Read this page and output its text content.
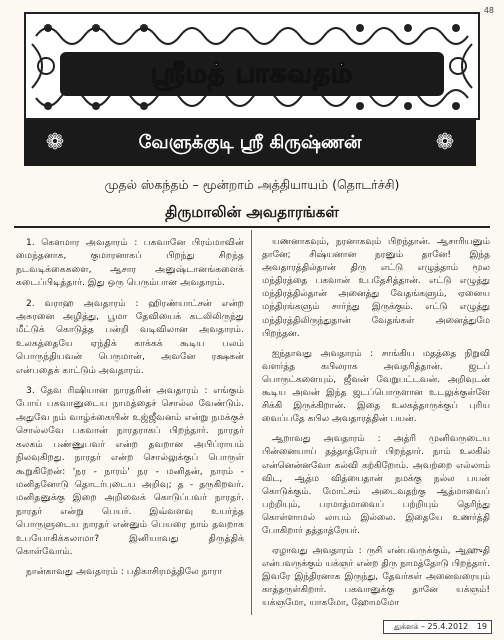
48
ஸ்ரீமத் பாகவதம்
❁	வேளுக்குடி ஸ்ரீ கிருஷ்ணன்	❁
முதல் ஸ்கந்தம் – மூன்றாம் அத்தியாயம் (தொடர்ச்சி)
திருமாலின் அவதாரங்கள்

1. கௌமார அவதாரம் : பகவானே பிரம்மாவின் மைந்தனாக, குமாரனாகப் பிறந்து சிறந்த நடவடிக்கைகளை, ஆசார அனுஷ்டானங்களைக் கடைப்பிடித்தார். இது ஒரு பெரும்பான அவதாரம்.

2. வராஹ அவதாரம் : ஹிரண்யாட்சன் என்ற அசுரனை அழித்து, பூமா தேவியைக் கடலிலிருந்து மீட்டுக் கொடுத்த பன்றி வடிவிலான அவதாரம். உலகத்தையே ஏந்திக் காக்கக் கூடிய பலம் பொருந்தியவன் பெருமான், அவனே ரக்ஷகன் என்பதைக் காட்டும் அவதாரம்.

3. தேவ ரிஷியான நாரதரின் அவதாரம் : எங்கும் போய் பகவானுடைய நாமத்தைச் சொல்ல வேண்டும். அதுவே நம் வாழ்க்கையின் உஜ்ஜீவனம் என்று நமக்குச் சொல்லவே பகவான் நாரதராகப் பிறந்தார். நாரதர் கலகம் பண்ணுபவர் என்ற தவறான அபிப்ராயம் நிலவுகிறது. நாரதர் என்ற சொல்லுக்குப் பொருள் கூறுகிறேன்: 'நர - நாரம்' நர - மனிதன், நாரம் - மனிதனோடு தொடர்புடைய அறிவு; த - தருகிறவர். மனிதனுக்கு இறை அறிவைக் கொடுப்பவர் நாரதர். நாரதர் என்று பெயர். இவ்வளவு உயர்ந்த பொருளுடைய நாரதர் என்னும் பெயரை நாம் தவறாக உபயோகிக்கலாமா? இனியாவது திருத்திக் கொள்வோம்.

நான்காவது அவதாரம் : பதிகாசிரமத்திலே நாரா

யணனாகவும், நரனாகவும் பிறந்தான். ஆசாரியனும் தானே; சிஷ்யனான நரனும் தானே! இந்த அவதாரத்தில்தான் திரு எட்டு எழுத்தாம் மூல மந்திரத்தை பகவான் உபதேசித்தான். எட்டு எழுத்து மந்திரத்தில்தான் அனைத்து வேதங்களும், ஏனைய மந்திரங்களும் சார்ந்து இருக்கும். எட்டு எழுத்து மந்திரத்திலிருந்துதான் வேதங்கள் அனைத்துமே பிறந்தன.

ஐந்தாவது அவதாரம் : சாங்கிய மதத்தை நிறுவி வளர்த்த கபிலராக அவதரித்தான். ஜடப் பொருட்களையும், ஜீவன் வேறுபட்டவன். அறிவுடன் கூடிய அவன் இந்த ஜடப்பொருளான உடலுக்குள்ளே சிக்கி இருக்கிறான். இதை உலகத்தாருக்குப் புரிய வைப்பதே கபில அவதாரத்தின் பயன்.

ஆறாவது அவதாரம் : அத்ரி முனிவருடைய பின்னையாய் தத்தாத்ரேயர் பிறந்தார். நாம் உலகில் என்னென்னவோ கல்வி கற்கிறோம். அவற்றை எல்லாம் விட, ஆத்ம வித்யைதான் நமக்கு நல்ல பயன் கொடுக்கும். மோட்சம் அடைவதற்கு ஆத்மாவைப் பற்றியும், பரமாத்மாவைப் பற்றியும் தெரிந்து கொள்ளாமல் லாபம் இல்லை. இதையே உணர்த்தி போகிறார் தத்தாத்ரேயர்.

ஏழாவது அவதாரம் : ருசி என்பவருக்கும், ஆஹுதி என்பவருக்கும் யக்ஞர் என்ற திரு நாமத்தோடு பிறந்தார். இவரே இந்திரனாக இருந்து, தேவர்கள் அனைவரையும் காத்தருள்கிறார். பகவானுக்கு தானே யக்ஞம்! யக்ஞமோ, யாகமோ, ஹோமமோ

துக்ளக் – 25.4.2012 19
